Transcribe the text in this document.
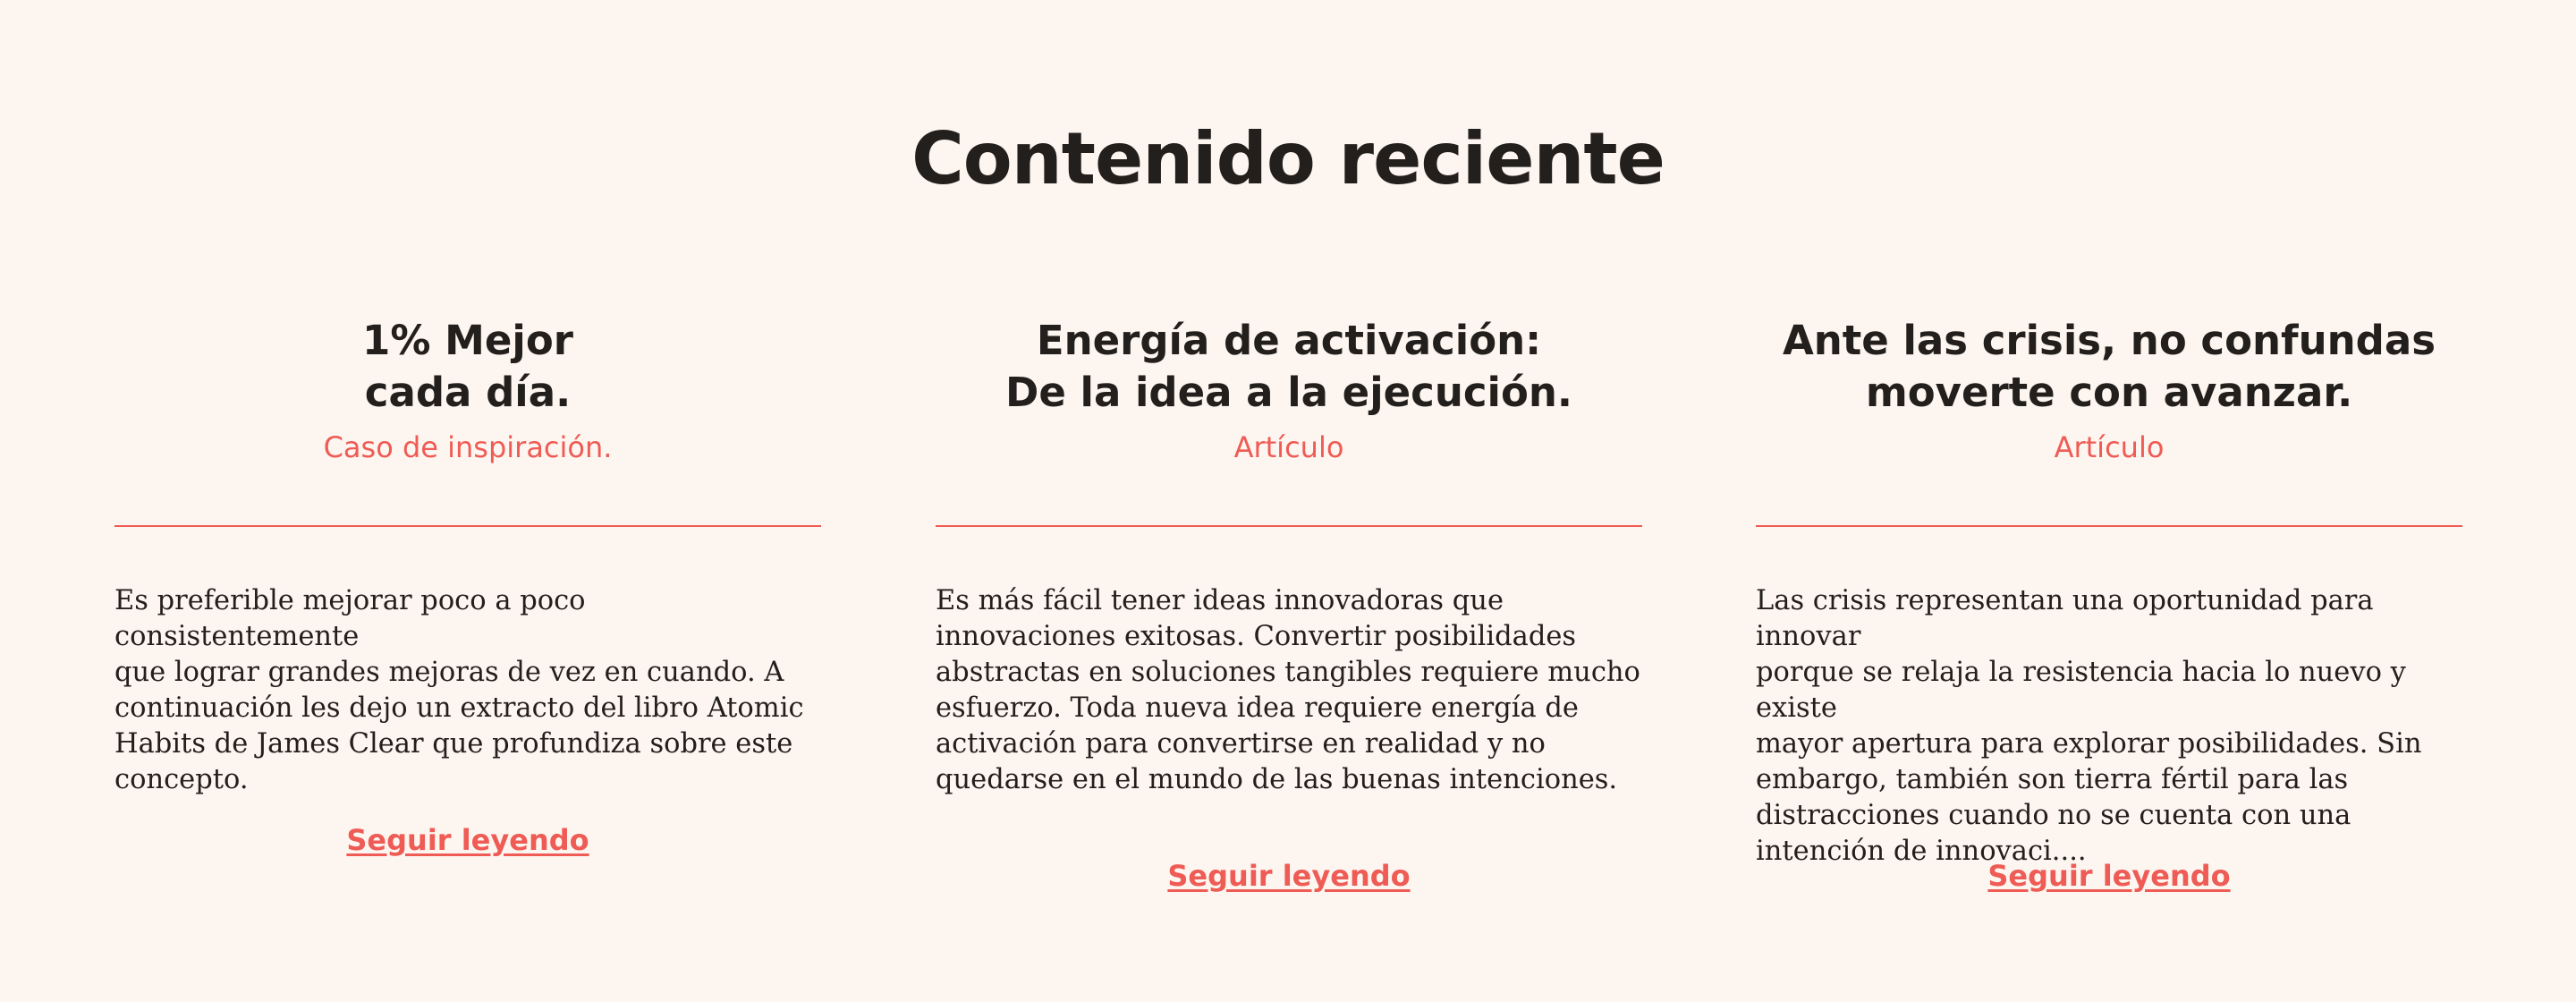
Contenido reciente
1% Mejor
cada día.
Caso de inspiración.

Es preferible mejorar poco a poco consistentemente
que lograr grandes mejoras de vez en cuando. A
continuación les dejo un extracto del libro Atomic
Habits de James Clear que profundiza sobre este
concepto.

Seguir leyendo
Energía de activación:
De la idea a la ejecución.
Artículo

Es más fácil tener ideas innovadoras que
innovaciones exitosas. Convertir posibilidades
abstractas en soluciones tangibles requiere mucho
esfuerzo. Toda nueva idea requiere energía de
activación para convertirse en realidad y no
quedarse en el mundo de las buenas intenciones.

Seguir leyendo
Ante las crisis, no confundas
moverte con avanzar.
Artículo

Las crisis representan una oportunidad para innovar
porque se relaja la resistencia hacia lo nuevo y existe
mayor apertura para explorar posibilidades. Sin
embargo, también son tierra fértil para las
distracciones cuando no se cuenta con una
intención de innovaci....

Seguir leyendo
